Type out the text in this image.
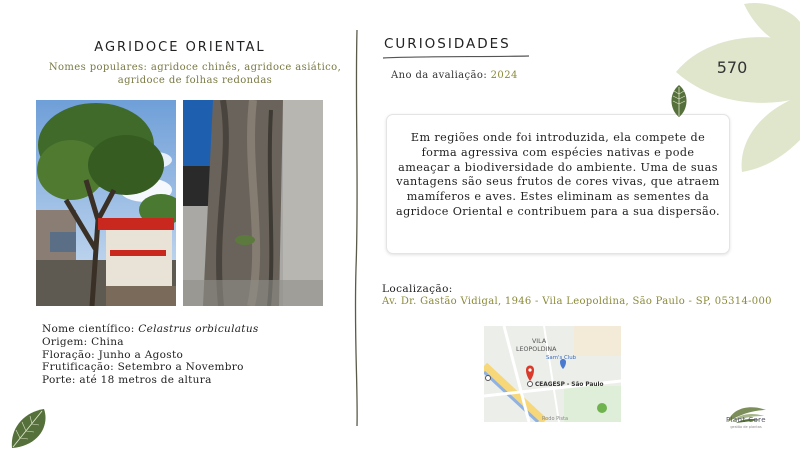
AGRIDOCE ORIENTAL
Nomes populares: agridoce chinês, agridoce asiático, agridoce de folhas redondas
Nome científico: Celastrus orbiculatus
Origem: China
Floração: Junho a Agosto
Frutificação: Setembro a Novembro
Porte: até 18 metros de altura
CURIOSIDADES
Ano da avaliação: 2024
Em regiões onde foi introduzida, ela compete de forma agressiva com espécies nativas e pode ameaçar a biodiversidade do ambiente. Uma de suas vantagens são seus frutos de cores vivas, que atraem mamíferos e aves. Estes eliminam as sementes da agridoce Oriental e contribuem para a sua dispersão.
Localização:
Av. Dr. Gastão Vidigal, 1946 - Vila Leopoldina, São Paulo - SP, 05314-000
VILA
LEOPOLDINA
Sam's Club
CEAGESP - São Paulo
Rodo Pista
570
Plant Core
gestão de plantas
